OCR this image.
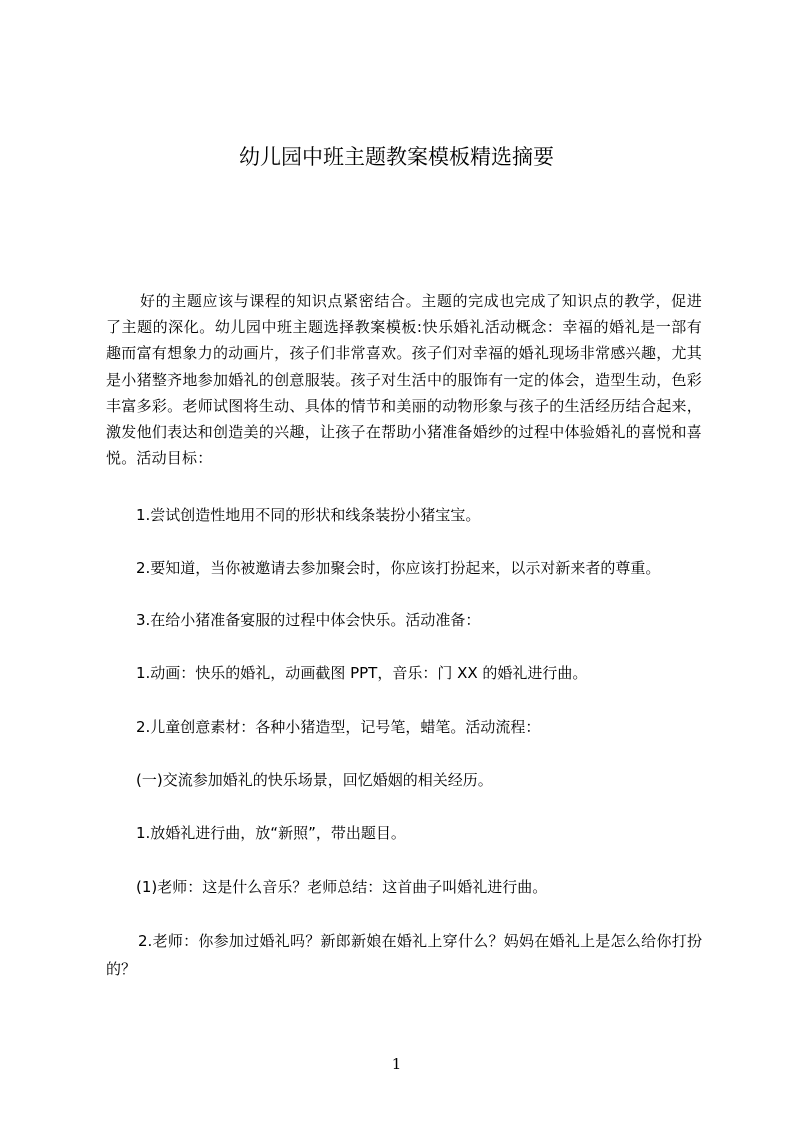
幼儿园中班主题教案模板精选摘要

好的主题应该与课程的知识点紧密结合。主题的完成也完成了知识点的教学，促进了主题的深化。幼儿园中班主题选择教案模板:快乐婚礼活动概念：幸福的婚礼是一部有趣而富有想象力的动画片，孩子们非常喜欢。孩子们对幸福的婚礼现场非常感兴趣，尤其是小猪整齐地参加婚礼的创意服装。孩子对生活中的服饰有一定的体会，造型生动，色彩丰富多彩。老师试图将生动、具体的情节和美丽的动物形象与孩子的生活经历结合起来，激发他们表达和创造美的兴趣，让孩子在帮助小猪准备婚纱的过程中体验婚礼的喜悦和喜悦。活动目标：

1.尝试创造性地用不同的形状和线条装扮小猪宝宝。

2.要知道，当你被邀请去参加聚会时，你应该打扮起来，以示对新来者的尊重。

3.在给小猪准备宴服的过程中体会快乐。活动准备：

1.动画：快乐的婚礼，动画截图 PPT，音乐：门 XX 的婚礼进行曲。

2.儿童创意素材：各种小猪造型，记号笔，蜡笔。活动流程：

(一)交流参加婚礼的快乐场景，回忆婚姻的相关经历。

1.放婚礼进行曲，放“新照”，带出题目。

(1)老师：这是什么音乐？老师总结：这首曲子叫婚礼进行曲。

2.老师：你参加过婚礼吗？新郎新娘在婚礼上穿什么？妈妈在婚礼上是怎么给你打扮的？

1
